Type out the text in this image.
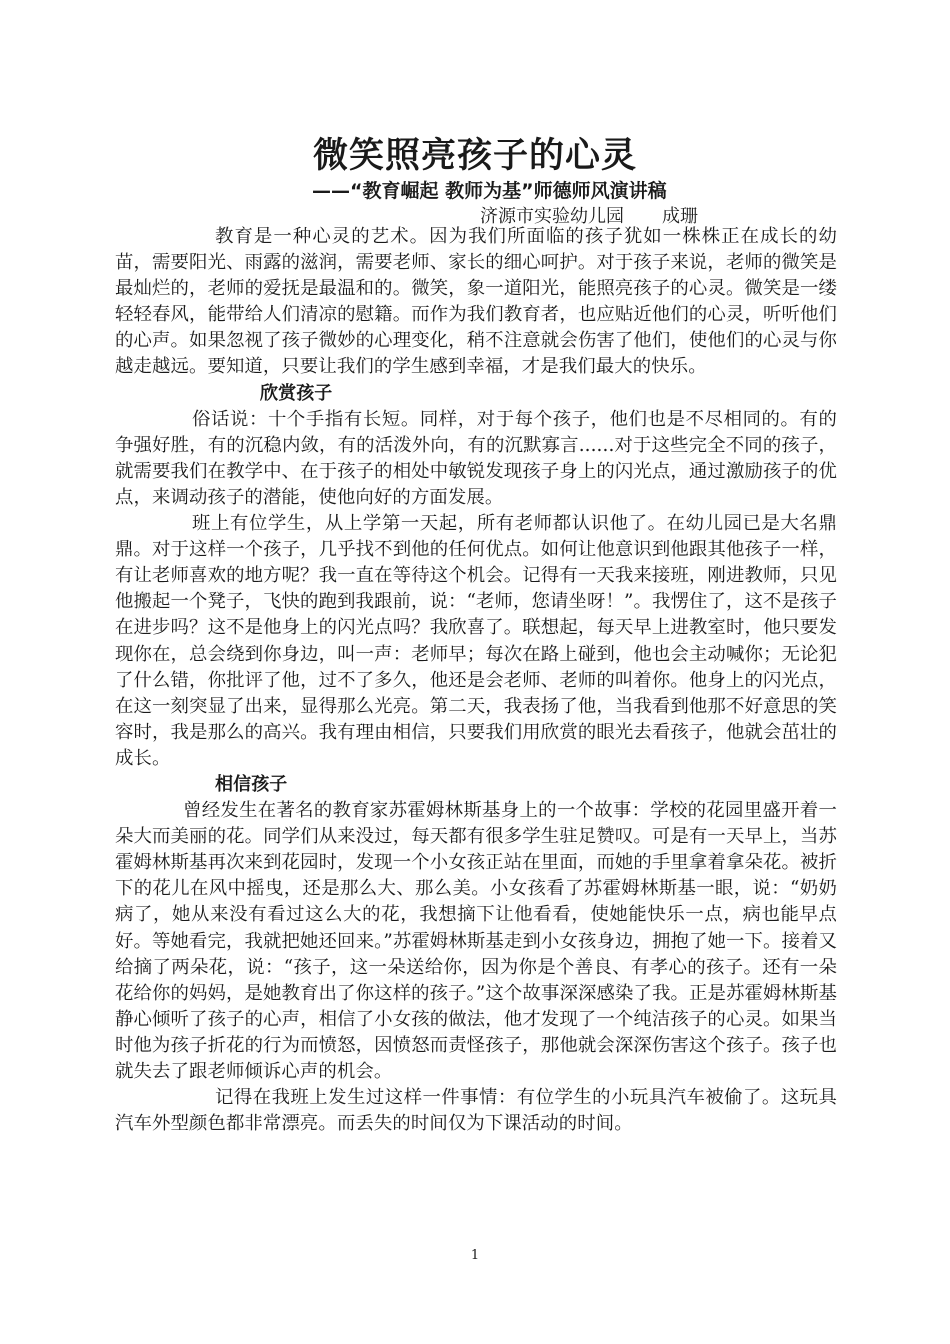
微笑照亮孩子的心灵
——“教育崛起 教师为基”师德师风演讲稿
济源市实验幼儿园 成珊

教育是一种心灵的艺术。因为我们所面临的孩子犹如一株株正在成长的幼苗，需要阳光、雨露的滋润，需要老师、家长的细心呵护。对于孩子来说，老师的微笑是最灿烂的，老师的爱抚是最温和的。微笑，象一道阳光，能照亮孩子的心灵。微笑是一缕轻轻春风，能带给人们清凉的慰籍。而作为我们教育者，也应贴近他们的心灵，听听他们的心声。如果忽视了孩子微妙的心理变化，稍不注意就会伤害了他们，使他们的心灵与你越走越远。要知道，只要让我们的学生感到幸福，才是我们最大的快乐。

欣赏孩子

俗话说：十个手指有长短。同样，对于每个孩子，他们也是不尽相同的。有的争强好胜，有的沉稳内敛，有的活泼外向，有的沉默寡言......对于这些完全不同的孩子，就需要我们在教学中、在于孩子的相处中敏锐发现孩子身上的闪光点，通过激励孩子的优点，来调动孩子的潜能，使他向好的方面发展。

班上有位学生，从上学第一天起，所有老师都认识他了。在幼儿园已是大名鼎鼎。对于这样一个孩子，几乎找不到他的任何优点。如何让他意识到他跟其他孩子一样，有让老师喜欢的地方呢？我一直在等待这个机会。记得有一天我来接班，刚进教师，只见他搬起一个凳子，飞快的跑到我跟前，说：“老师，您请坐呀！”。我愣住了，这不是孩子在进步吗？这不是他身上的闪光点吗？我欣喜了。联想起，每天早上进教室时，他只要发现你在，总会绕到你身边，叫一声：老师早；每次在路上碰到，他也会主动喊你；无论犯了什么错，你批评了他，过不了多久，他还是会老师、老师的叫着你。他身上的闪光点，在这一刻突显了出来，显得那么光亮。第二天，我表扬了他，当我看到他那不好意思的笑容时，我是那么的高兴。我有理由相信，只要我们用欣赏的眼光去看孩子，他就会茁壮的成长。

相信孩子

曾经发生在著名的教育家苏霍姆林斯基身上的一个故事：学校的花园里盛开着一朵大而美丽的花。同学们从来没过，每天都有很多学生驻足赞叹。可是有一天早上，当苏霍姆林斯基再次来到花园时，发现一个小女孩正站在里面，而她的手里拿着拿朵花。被折下的花儿在风中摇曳，还是那么大、那么美。小女孩看了苏霍姆林斯基一眼，说：“奶奶病了，她从来没有看过这么大的花，我想摘下让他看看，使她能快乐一点，病也能早点好。等她看完，我就把她还回来。”苏霍姆林斯基走到小女孩身边，拥抱了她一下。接着又给摘了两朵花，说：“孩子，这一朵送给你，因为你是个善良、有孝心的孩子。还有一朵花给你的妈妈，是她教育出了你这样的孩子。”这个故事深深感染了我。正是苏霍姆林斯基静心倾听了孩子的心声，相信了小女孩的做法，他才发现了一个纯洁孩子的心灵。如果当时他为孩子折花的行为而愤怒，因愤怒而责怪孩子，那他就会深深伤害这个孩子。孩子也就失去了跟老师倾诉心声的机会。

记得在我班上发生过这样一件事情：有位学生的小玩具汽车被偷了。这玩具汽车外型颜色都非常漂亮。而丢失的时间仅为下课活动的时间。

1
